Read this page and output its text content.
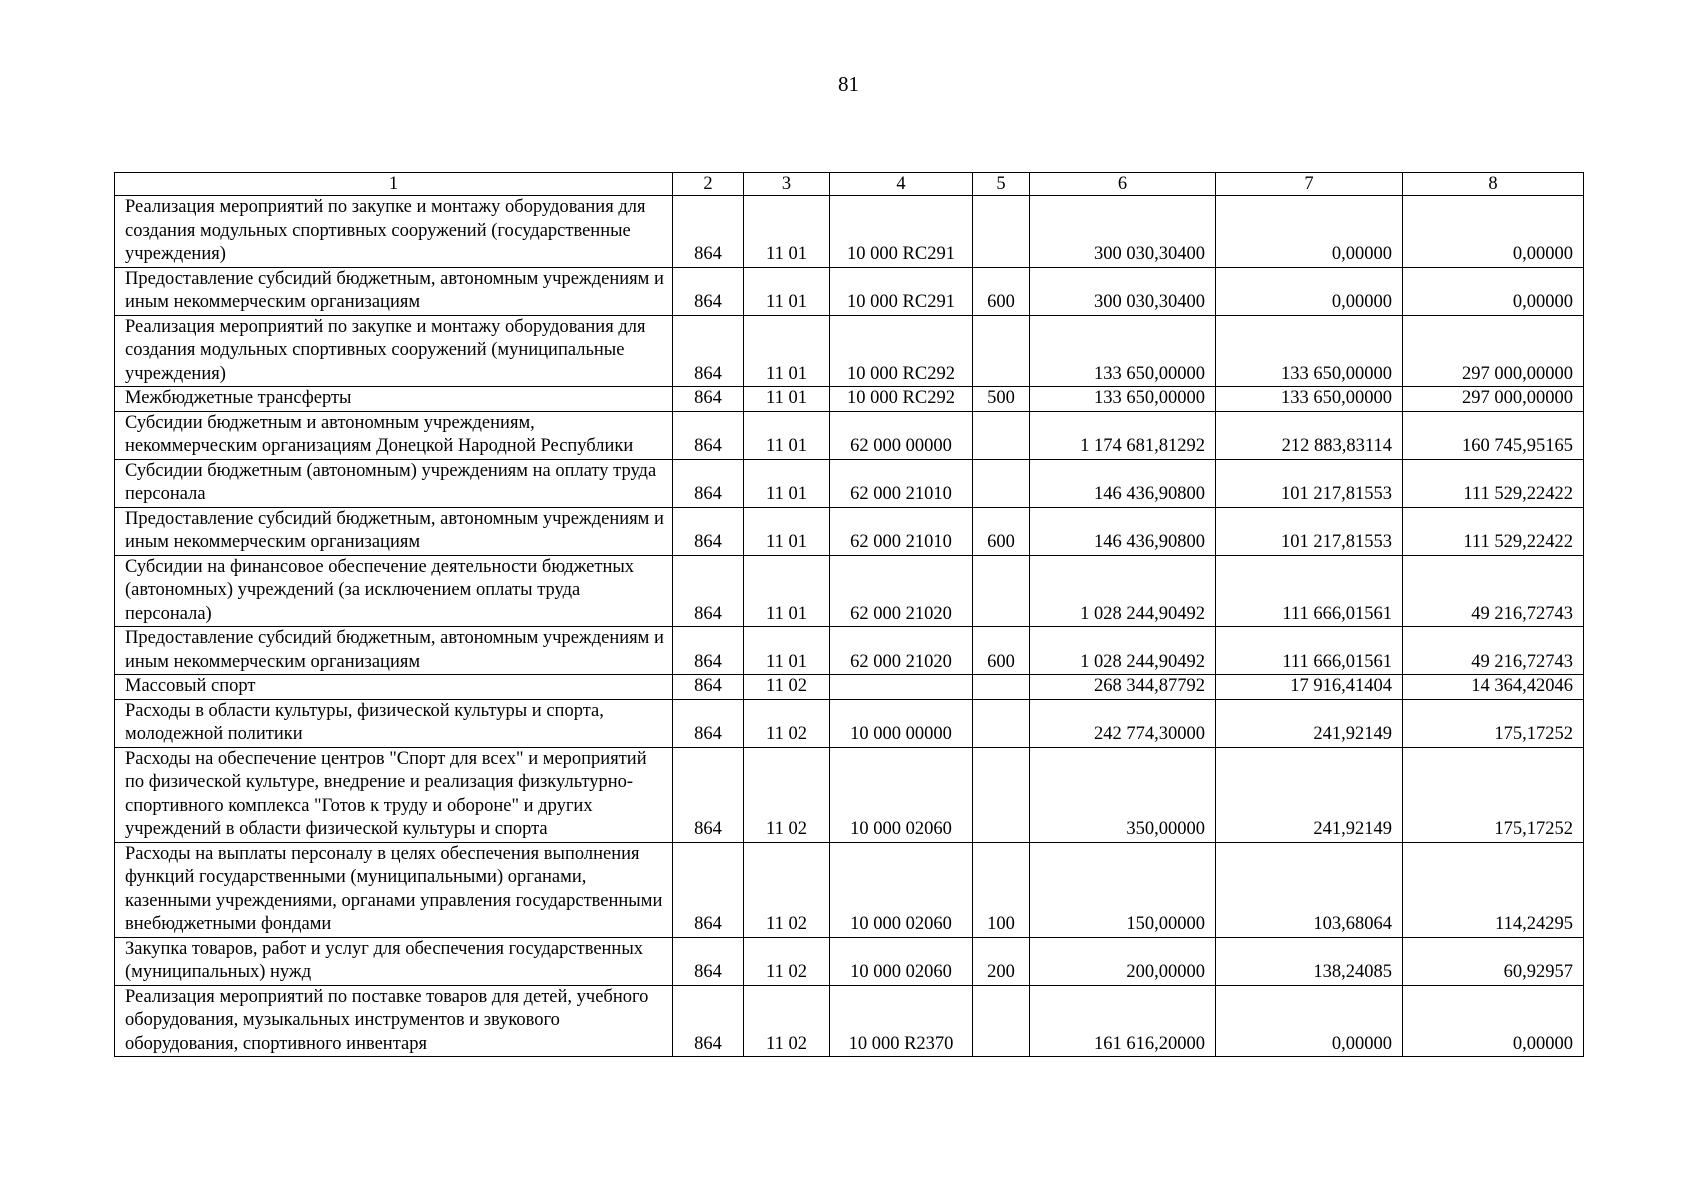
81
1	2	3	4	5	6	7	8
Реализация мероприятий по закупке и монтажу оборудования для создания модульных спортивных сооружений (государственные учреждения)	864	11 01	10 000 RC291		300 030,30400	0,00000	0,00000
Предоставление субсидий бюджетным, автономным учреждениям и иным некоммерческим организациям	864	11 01	10 000 RC291	600	300 030,30400	0,00000	0,00000
Реализация мероприятий по закупке и монтажу оборудования для создания модульных спортивных сооружений (муниципальные учреждения)	864	11 01	10 000 RC292		133 650,00000	133 650,00000	297 000,00000
Межбюджетные трансферты	864	11 01	10 000 RC292	500	133 650,00000	133 650,00000	297 000,00000
Субсидии бюджетным и автономным учреждениям, некоммерческим организациям Донецкой Народной Республики	864	11 01	62 000 00000		1 174 681,81292	212 883,83114	160 745,95165
Субсидии бюджетным (автономным) учреждениям на оплату труда персонала	864	11 01	62 000 21010		146 436,90800	101 217,81553	111 529,22422
Предоставление субсидий бюджетным, автономным учреждениям и иным некоммерческим организациям	864	11 01	62 000 21010	600	146 436,90800	101 217,81553	111 529,22422
Субсидии на финансовое обеспечение деятельности бюджетных (автономных) учреждений (за исключением оплаты труда персонала)	864	11 01	62 000 21020		1 028 244,90492	111 666,01561	49 216,72743
Предоставление субсидий бюджетным, автономным учреждениям и иным некоммерческим организациям	864	11 01	62 000 21020	600	1 028 244,90492	111 666,01561	49 216,72743
Массовый спорт	864	11 02			268 344,87792	17 916,41404	14 364,42046
Расходы в области культуры, физической культуры и спорта, молодежной политики	864	11 02	10 000 00000		242 774,30000	241,92149	175,17252
Расходы на обеспечение центров "Спорт для всех" и мероприятий по физической культуре, внедрение и реализация физкультурно-спортивного комплекса "Готов к труду и обороне" и других учреждений в области физической культуры и спорта	864	11 02	10 000 02060		350,00000	241,92149	175,17252
Расходы на выплаты персоналу в целях обеспечения выполнения функций государственными (муниципальными) органами, казенными учреждениями, органами управления государственными внебюджетными фондами	864	11 02	10 000 02060	100	150,00000	103,68064	114,24295
Закупка товаров, работ и услуг для обеспечения государственных (муниципальных) нужд	864	11 02	10 000 02060	200	200,00000	138,24085	60,92957
Реализация мероприятий по поставке товаров для детей, учебного оборудования, музыкальных инструментов и звукового оборудования, спортивного инвентаря	864	11 02	10 000 R2370		161 616,20000	0,00000	0,00000
